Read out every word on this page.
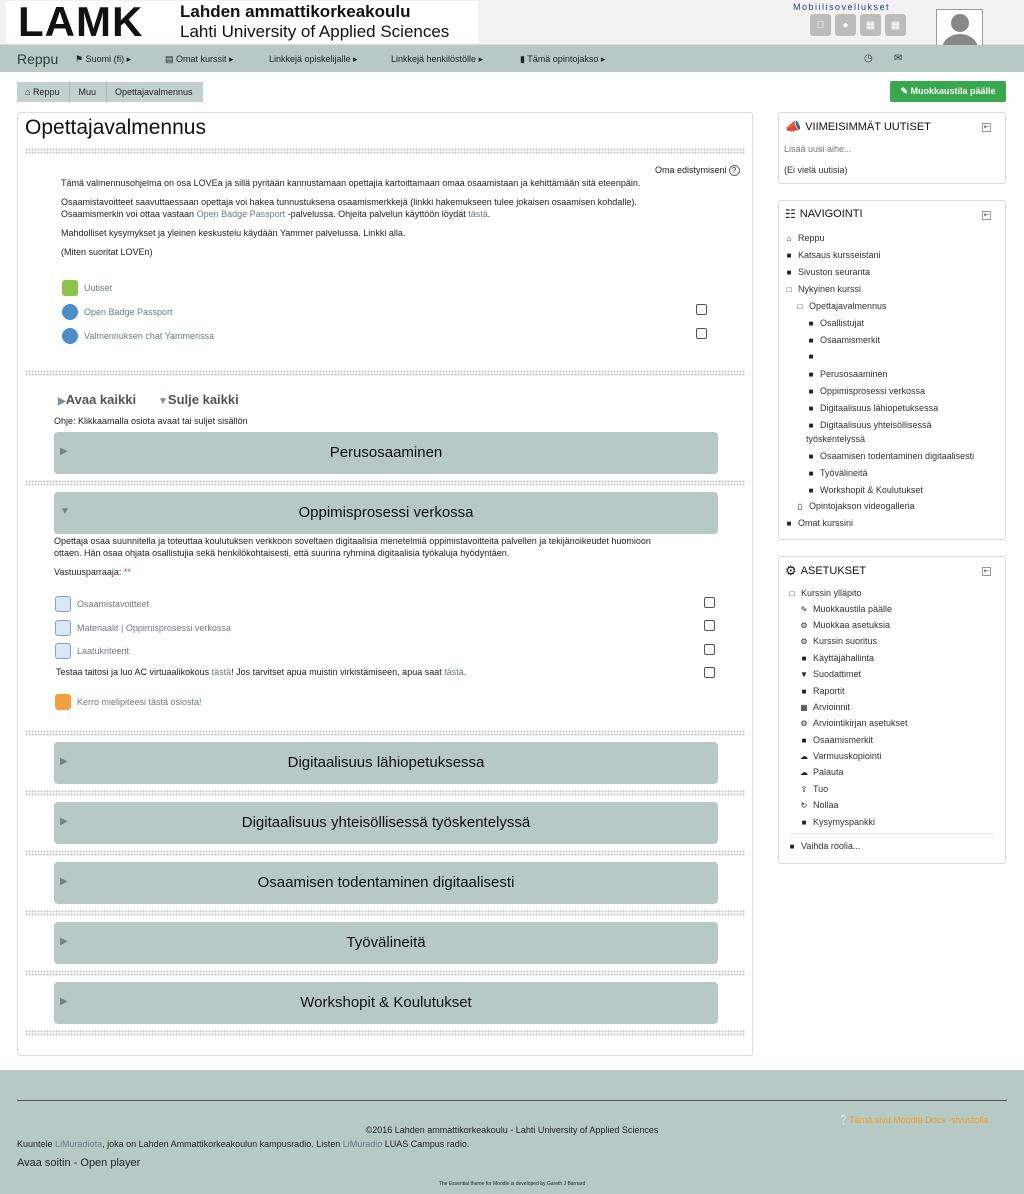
LAMK	Lahden ammattikorkeakoulu
Lahti University of Applied Sciences
Mobiilisovellukset
●	▦	▦
Reppu ⚑ Suomi (fi) ▸	▤ Omat kurssit ▸	Linkkejä opiskelijalle ▸	Linkkejä henkilöstölle ▸	▮ Tämä opintojakso ▸	◷ ✉
⌂ Reppu	Muu	Opettajavalmennus	✎ Muokkaustila päälle
Opettajavalmennus
Oma edistymiseni ?
Tämä valmennusohjelma on osa LOVEa ja sillä pyritään kannustamaan opettajia kartoittamaan omaa osaamistaan ja kehittämään sitä eteenpäin.
Osaamistavoitteet saavuttaessaan opettaja voi hakea tunnustuksena osaamismerkkejä (linkki hakemukseen tulee jokaisen osaamisen kohdalle).
Osaamismerkin voi ottaa vastaan Open Badge Passport -palvelussa. Ohjeita palvelun käyttöön löydät tästä.
Mahdolliset kysymykset ja yleinen keskustelu käydään Yammer palvelussa. Linkki alla.
(Miten suoritat LOVEn)
Uutiset
Open Badge Passport
Valmennuksen chat Yammerissa
▶Avaa kaikki ▼Sulje kaikki
Ohje: Klikkaamalla osiota avaat tai suljet sisällön
▶	Perusosaaminen
▼	Oppimisprosessi verkossa
Opettaja osaa suunnitella ja toteuttaa koulutuksen verkkoon soveltaen digitaalisia menetelmiä oppimistavoitteita palvellen ja tekijänoikeudet huomioon
ottaen. Hän osaa ohjata osallistujia sekä henkilökohtaisesti, että suurina ryhminä digitaalisia työkaluja hyödyntäen.
Vastuusparraaja: **
Osaamistavoitteet
Materiaalit | Oppimisprosessi verkossa
Laatukriteerit
Testaa taitosi ja luo AC virtuaalikokous tästä! Jos tarvitset apua muistin virkistämiseen, apua saat tästä.
Kerro mielipiteesi tästä osiosta!
▶	Digitaalisuus lähiopetuksessa
▶	Digitaalisuus yhteisöllisessä työskentelyssä
▶	Osaamisen todentaminen digitaalisesti
▶	Työvälineitä
▶	Workshopit & Koulutukset
📣 VIIMEISIMMÄT UUTISET	⇤
Lisää uusi aihe...
(Ei vielä uutisia)
☷ NAVIGOINTI	⇤
⌂ Reppu
■ Katsaus kursseistani
■ Sivuston seuranta
□ Nykyinen kurssi
□ Opettajavalmennus
■ Osallistujat
■ Osaamismerkit
■
■ Perusosaaminen
■ Oppimisprosessi verkossa
■ Digitaalisuus lähiopetuksessa
■ Digitaalisuus yhteisöllisessä
työskentelyssä
■ Osaamisen todentaminen digitaalisesti
■ Työvälineitä
■ Workshopit & Koulutukset
▯ Opintojakson videogalleria
■ Omat kurssini
⚙ ASETUKSET	⇤
□ Kurssin ylläpito
✎ Muokkaustila päälle
⚙ Muokkaa asetuksia
⚙ Kurssin suoritus
■ Käyttäjähallinta
▼ Suodattimet
■ Raportit
▦ Arvioinnit
⚙ Arviointikirjan asetukset
■ Osaamismerkit
☁ Varmuuskopiointi
☁ Palauta
⇧ Tuo
↻ Nollaa
■ Kysymyspankki
■ Vaihda roolia...
❔Tämä sivu Moodle Docs -sivustolla
©2016 Lahden ammattikorkeakoulu - Lahti University of Applied Sciences
Kuuntele LiMuradiota, joka on Lahden Ammattikorkeakoulun kampusradio. Listen LiMuradio LUAS Campus radio.
Avaa soitin - Open player
The Essential theme for Moodle is developed by Gareth J Barnard
